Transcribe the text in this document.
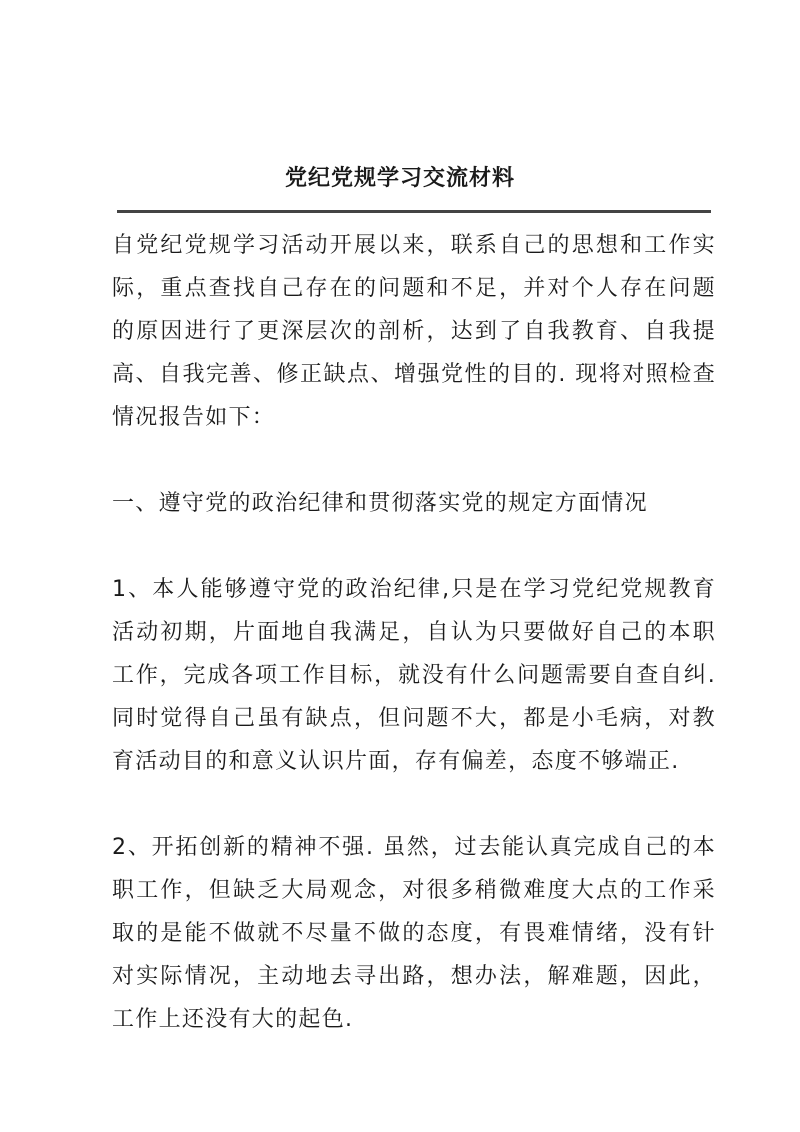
党纪党规学习交流材料

自党纪党规学习活动开展以来，联系自己的思想和工作实际，重点查找自己存在的问题和不足，并对个人存在问题的原因进行了更深层次的剖析，达到了自我教育、自我提高、自我完善、修正缺点、增强党性的目的. 现将对照检查情况报告如下：

一、遵守党的政治纪律和贯彻落实党的规定方面情况

1、本人能够遵守党的政治纪律,只是在学习党纪党规教育活动初期，片面地自我满足，自认为只要做好自己的本职工作，完成各项工作目标，就没有什么问题需要自查自纠. 同时觉得自己虽有缺点，但问题不大，都是小毛病，对教育活动目的和意义认识片面，存有偏差，态度不够端正.

2、开拓创新的精神不强. 虽然，过去能认真完成自己的本职工作，但缺乏大局观念，对很多稍微难度大点的工作采取的是能不做就不尽量不做的态度，有畏难情绪，没有针对实际情况，主动地去寻出路，想办法，解难题，因此，工作上还没有大的起色.
